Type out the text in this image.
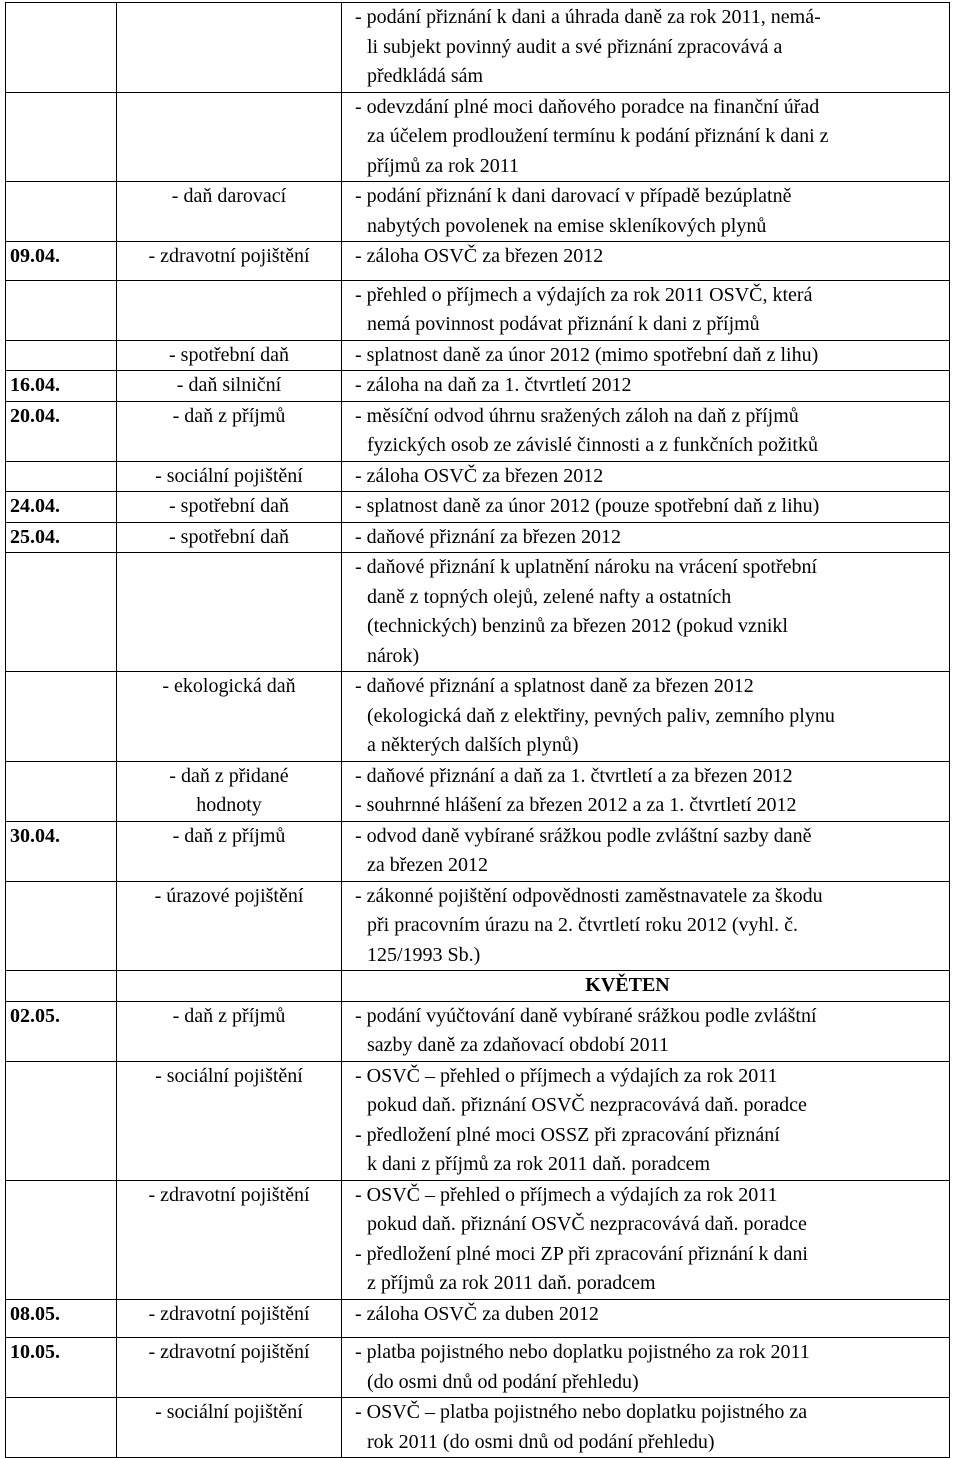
		- podání přiznání k dani a úhrada daně za rok 2011, nemá-
li subjekt povinný audit a své přiznání zpracovává a
předkládá sám

		- odevzdání plné moci daňového poradce na finanční úřad
za účelem prodloužení termínu k podání přiznání k dani z
příjmů za rok 2011

	- daň darovací	- podání přiznání k dani darovací v případě bezúplatně
nabytých povolenek na emise skleníkových plynů

09.04.	- zdravotní pojištění	- záloha OSVČ za březen 2012

		- přehled o příjmech a výdajích za rok 2011 OSVČ, která
nemá povinnost podávat přiznání k dani z příjmů

	- spotřební daň	- splatnost daně za únor 2012 (mimo spotřební daň z lihu)

16.04.	- daň silniční	- záloha na daň za 1. čtvrtletí 2012

20.04.	- daň z příjmů	- měsíční odvod úhrnu sražených záloh na daň z příjmů
fyzických osob ze závislé činnosti a z funkčních požitků

	- sociální pojištění	- záloha OSVČ za březen 2012

24.04.	- spotřební daň	- splatnost daně za únor 2012 (pouze spotřební daň z lihu)

25.04.	- spotřební daň	- daňové přiznání za březen 2012

		- daňové přiznání k uplatnění nároku na vrácení spotřební
daně z topných olejů, zelené nafty a ostatních
(technických) benzinů za březen 2012 (pokud vznikl
nárok)

	- ekologická daň	- daňové přiznání a splatnost daně za březen 2012
(ekologická daň z elektřiny, pevných paliv, zemního plynu
a některých dalších plynů)

	- daň z přidané
hodnoty	- daňové přiznání a daň za 1. čtvrtletí a za březen 2012
- souhrnné hlášení za březen 2012 a za 1. čtvrtletí 2012

30.04.	- daň z příjmů	- odvod daně vybírané srážkou podle zvláštní sazby daně
za březen 2012

	- úrazové pojištění	- zákonné pojištění odpovědnosti zaměstnavatele za škodu
při pracovním úrazu na 2. čtvrtletí roku 2012 (vyhl. č.
125/1993 Sb.)

		KVĚTEN
02.05.	- daň z příjmů	- podání vyúčtování daně vybírané srážkou podle zvláštní
sazby daně za zdaňovací období 2011

	- sociální pojištění	- OSVČ – přehled o příjmech a výdajích za rok 2011
pokud daň. přiznání OSVČ nezpracovává daň. poradce
- předložení plné moci OSSZ při zpracování přiznání
k dani z příjmů za rok 2011 daň. poradcem

	- zdravotní pojištění	- OSVČ – přehled o příjmech a výdajích za rok 2011
pokud daň. přiznání OSVČ nezpracovává daň. poradce
- předložení plné moci ZP při zpracování přiznání k dani
z příjmů za rok 2011 daň. poradcem

08.05.	- zdravotní pojištění	- záloha OSVČ za duben 2012

10.05.	- zdravotní pojištění	- platba pojistného nebo doplatku pojistného za rok 2011
(do osmi dnů od podání přehledu)

	- sociální pojištění	- OSVČ – platba pojistného nebo doplatku pojistného za
rok 2011 (do osmi dnů od podání přehledu)
